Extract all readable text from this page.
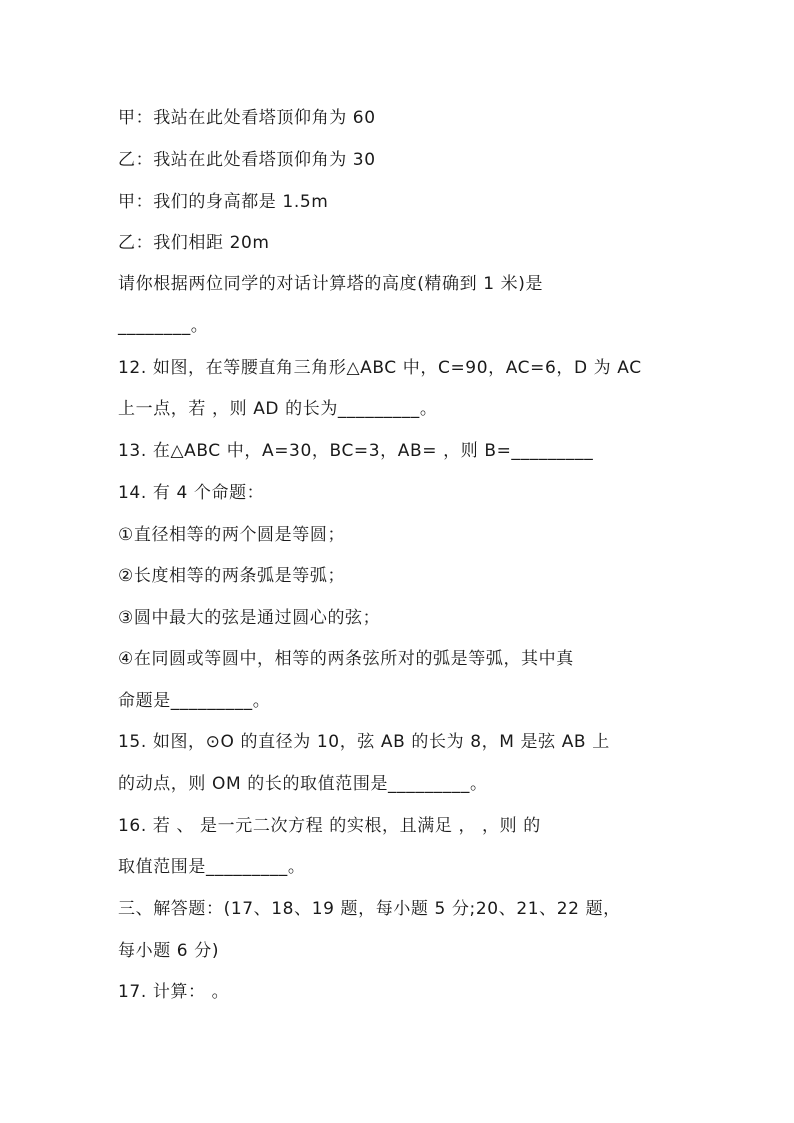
甲：我站在此处看塔顶仰角为 60
乙：我站在此处看塔顶仰角为 30
甲：我们的身高都是 1.5m
乙：我们相距 20m
请你根据两位同学的对话计算塔的高度(精确到 1 米)是
________。
12. 如图，在等腰直角三角形△ABC 中，C=90，AC=6，D 为 AC
上一点，若 ，则 AD 的长为_________。
13. 在△ABC 中，A=30，BC=3，AB= ，则 B=_________
14. 有 4 个命题：
①直径相等的两个圆是等圆；
②长度相等的两条弧是等弧；
③圆中最大的弦是通过圆心的弦；
④在同圆或等圆中，相等的两条弦所对的弧是等弧，其中真
命题是_________。
15. 如图，⊙O 的直径为 10，弦 AB 的长为 8，M 是弦 AB 上
的动点，则 OM 的长的取值范围是_________。
16. 若 、 是一元二次方程 的实根，且满足 ， ，则 的
取值范围是_________。
三、解答题：(17、18、19 题，每小题 5 分;20、21、22 题，
每小题 6 分)
17. 计算： 。
